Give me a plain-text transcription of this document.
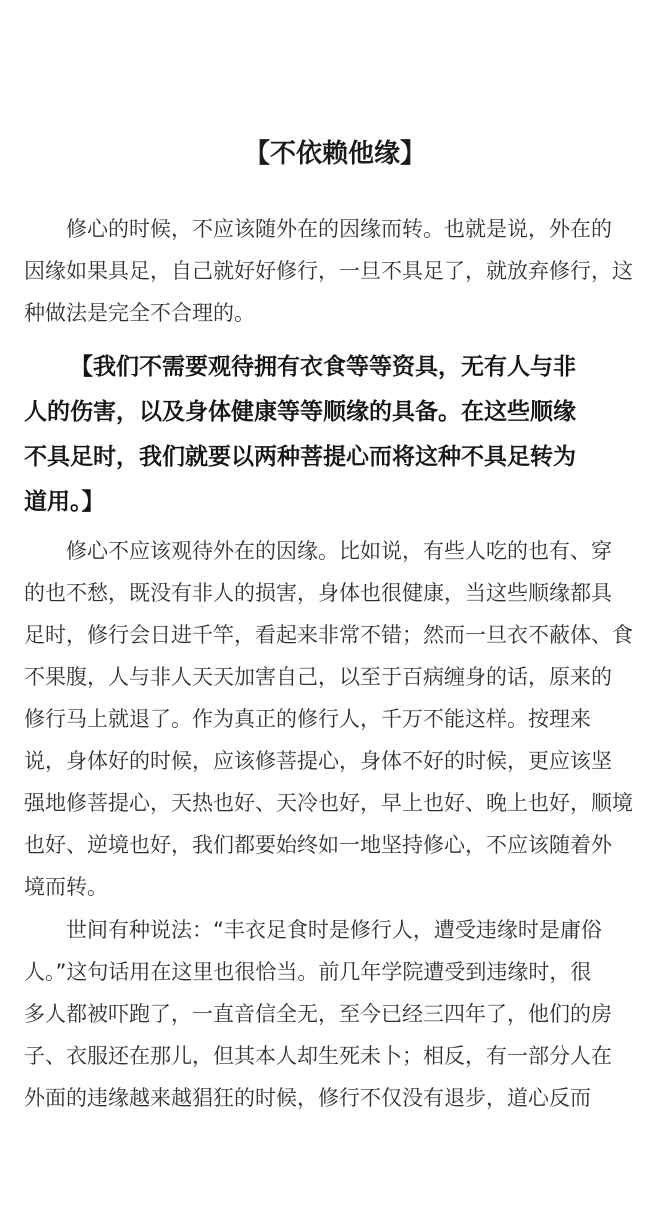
【不依赖他缘】
修心的时候，不应该随外在的因缘而转。也就是说，外在的
因缘如果具足，自己就好好修行，一旦不具足了，就放弃修行，这
种做法是完全不合理的。
【我们不需要观待拥有衣食等等资具，无有人与非
人的伤害，以及身体健康等等顺缘的具备。在这些顺缘
不具足时，我们就要以两种菩提心而将这种不具足转为
道用。】
修心不应该观待外在的因缘。比如说，有些人吃的也有、穿
的也不愁，既没有非人的损害，身体也很健康，当这些顺缘都具
足时，修行会日进千竿，看起来非常不错；然而一旦衣不蔽体、食
不果腹，人与非人天天加害自己，以至于百病缠身的话，原来的
修行马上就退了。作为真正的修行人，千万不能这样。按理来
说，身体好的时候，应该修菩提心，身体不好的时候，更应该坚
强地修菩提心，天热也好、天冷也好，早上也好、晚上也好，顺境
也好、逆境也好，我们都要始终如一地坚持修心，不应该随着外
境而转。
世间有种说法：“丰衣足食时是修行人，遭受违缘时是庸俗
人。”这句话用在这里也很恰当。前几年学院遭受到违缘时，很
多人都被吓跑了，一直音信全无，至今已经三四年了，他们的房
子、衣服还在那儿，但其本人却生死未卜；相反，有一部分人在
外面的违缘越来越猖狂的时候，修行不仅没有退步，道心反而
